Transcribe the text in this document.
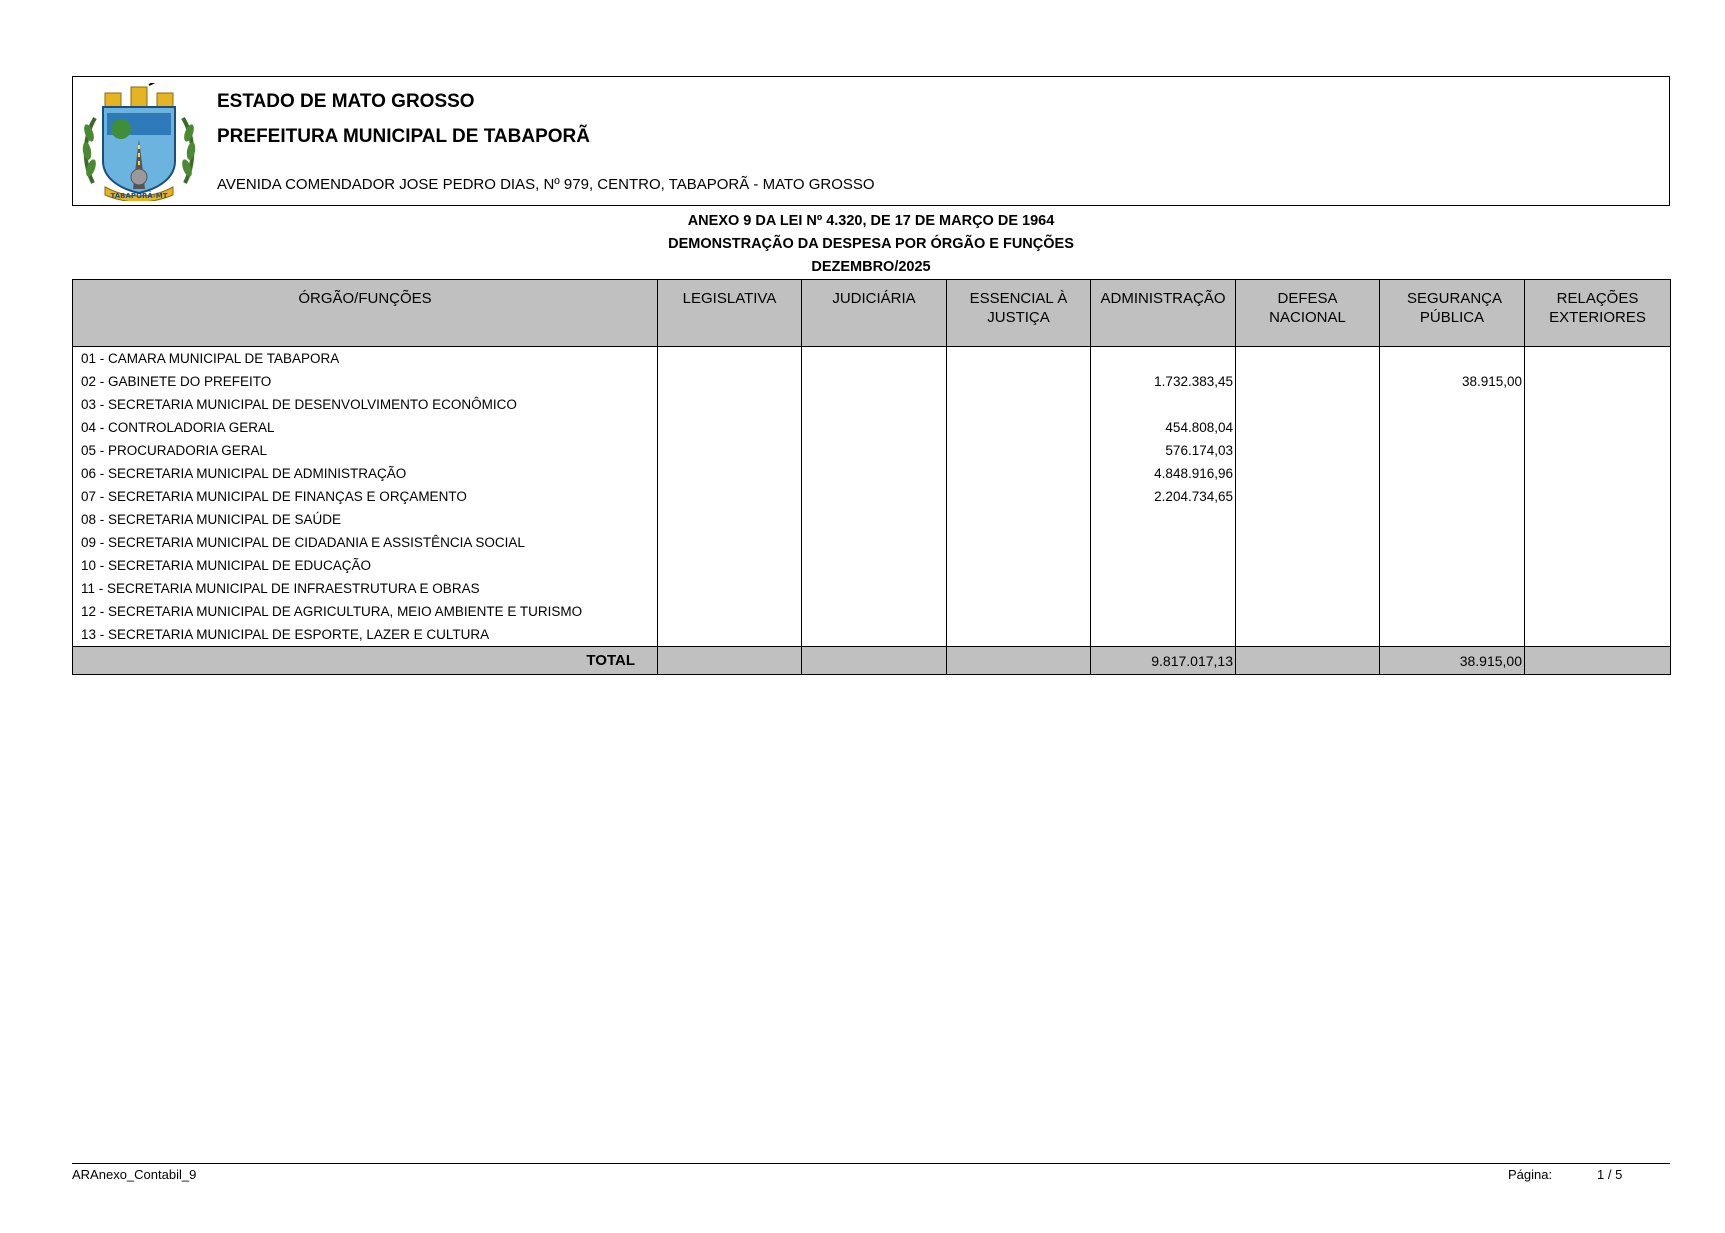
TABAPORÃ-MT
ESTADO DE MATO GROSSO
PREFEITURA MUNICIPAL DE TABAPORÃ
AVENIDA COMENDADOR JOSE PEDRO DIAS, Nº 979, CENTRO, TABAPORÃ - MATO GROSSO
ANEXO 9 DA LEI Nº 4.320, DE 17 DE MARÇO DE 1964
DEMONSTRAÇÃO DA DESPESA POR ÓRGÃO E FUNÇÕES
DEZEMBRO/2025
ÓRGÃO/FUNÇÕES	LEGISLATIVA	JUDICIÁRIA	ESSENCIAL À JUSTIÇA	ADMINISTRAÇÃO	DEFESA NACIONAL	SEGURANÇA PÚBLICA	RELAÇÕES EXTERIORES

01 - CAMARA MUNICIPAL DE TABAPORA							
02 - GABINETE DO PREFEITO				1.732.383,45		38.915,00	
03 - SECRETARIA MUNICIPAL DE DESENVOLVIMENTO ECONÔMICO							
04 - CONTROLADORIA GERAL				454.808,04			
05 - PROCURADORIA GERAL				576.174,03			
06 - SECRETARIA MUNICIPAL DE ADMINISTRAÇÃO				4.848.916,96			
07 - SECRETARIA MUNICIPAL DE FINANÇAS E ORÇAMENTO				2.204.734,65			
08 - SECRETARIA MUNICIPAL DE SAÚDE							
09 - SECRETARIA MUNICIPAL DE CIDADANIA E ASSISTÊNCIA SOCIAL							
10 - SECRETARIA MUNICIPAL DE EDUCAÇÃO							
11 - SECRETARIA MUNICIPAL DE INFRAESTRUTURA E OBRAS							
12 - SECRETARIA MUNICIPAL DE AGRICULTURA, MEIO AMBIENTE E TURISMO							
13 - SECRETARIA MUNICIPAL DE ESPORTE, LAZER E CULTURA							
TOTAL				9.817.017,13		38.915,00	
ARAnexo_Contabil_9	Página:	1 / 5
